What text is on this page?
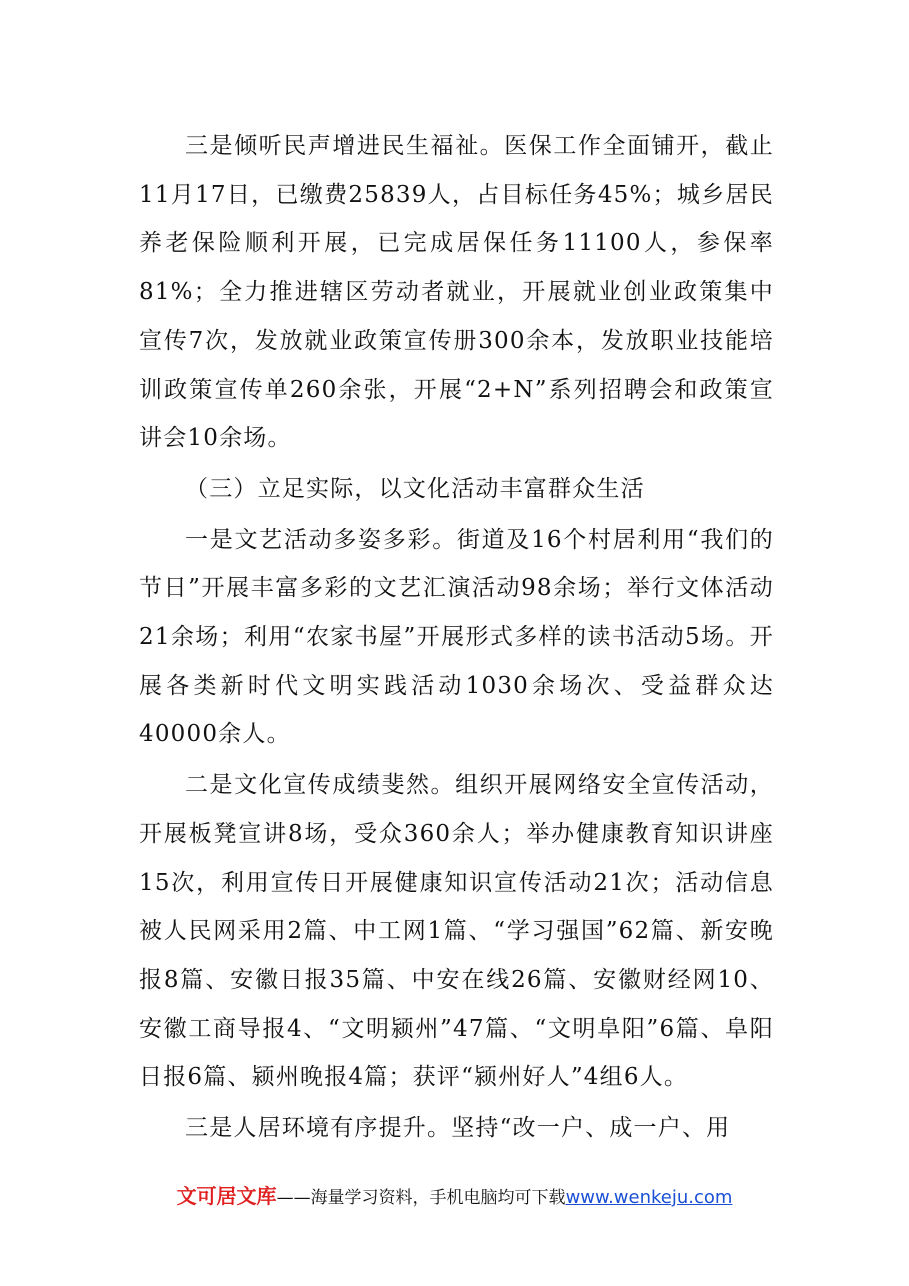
三是倾听民声增进民生福祉。医保工作全面铺开，截止11月17日，已缴费25839人，占目标任务45%；城乡居民养老保险顺利开展，已完成居保任务11100人，参保率81%；全力推进辖区劳动者就业，开展就业创业政策集中宣传7次，发放就业政策宣传册300余本，发放职业技能培训政策宣传单260余张，开展“2+N”系列招聘会和政策宣讲会10余场。

（三）立足实际，以文化活动丰富群众生活

一是文艺活动多姿多彩。街道及16个村居利用“我们的节日”开展丰富多彩的文艺汇演活动98余场；举行文体活动21余场；利用“农家书屋”开展形式多样的读书活动5场。开展各类新时代文明实践活动1030余场次、受益群众达40000余人。

二是文化宣传成绩斐然。组织开展网络安全宣传活动，开展板凳宣讲8场，受众360余人；举办健康教育知识讲座15次，利用宣传日开展健康知识宣传活动21次；活动信息被人民网采用2篇、中工网1篇、“学习强国”62篇、新安晚报8篇、安徽日报35篇、中安在线26篇、安徽财经网10、安徽工商导报4、“文明颍州”47篇、“文明阜阳”6篇、阜阳日报6篇、颍州晚报4篇；获评“颍州好人”4组6人。

三是人居环境有序提升。坚持“改一户、成一户、用

文可居文库——海量学习资料，手机电脑均可下载www.wenkeju.com
